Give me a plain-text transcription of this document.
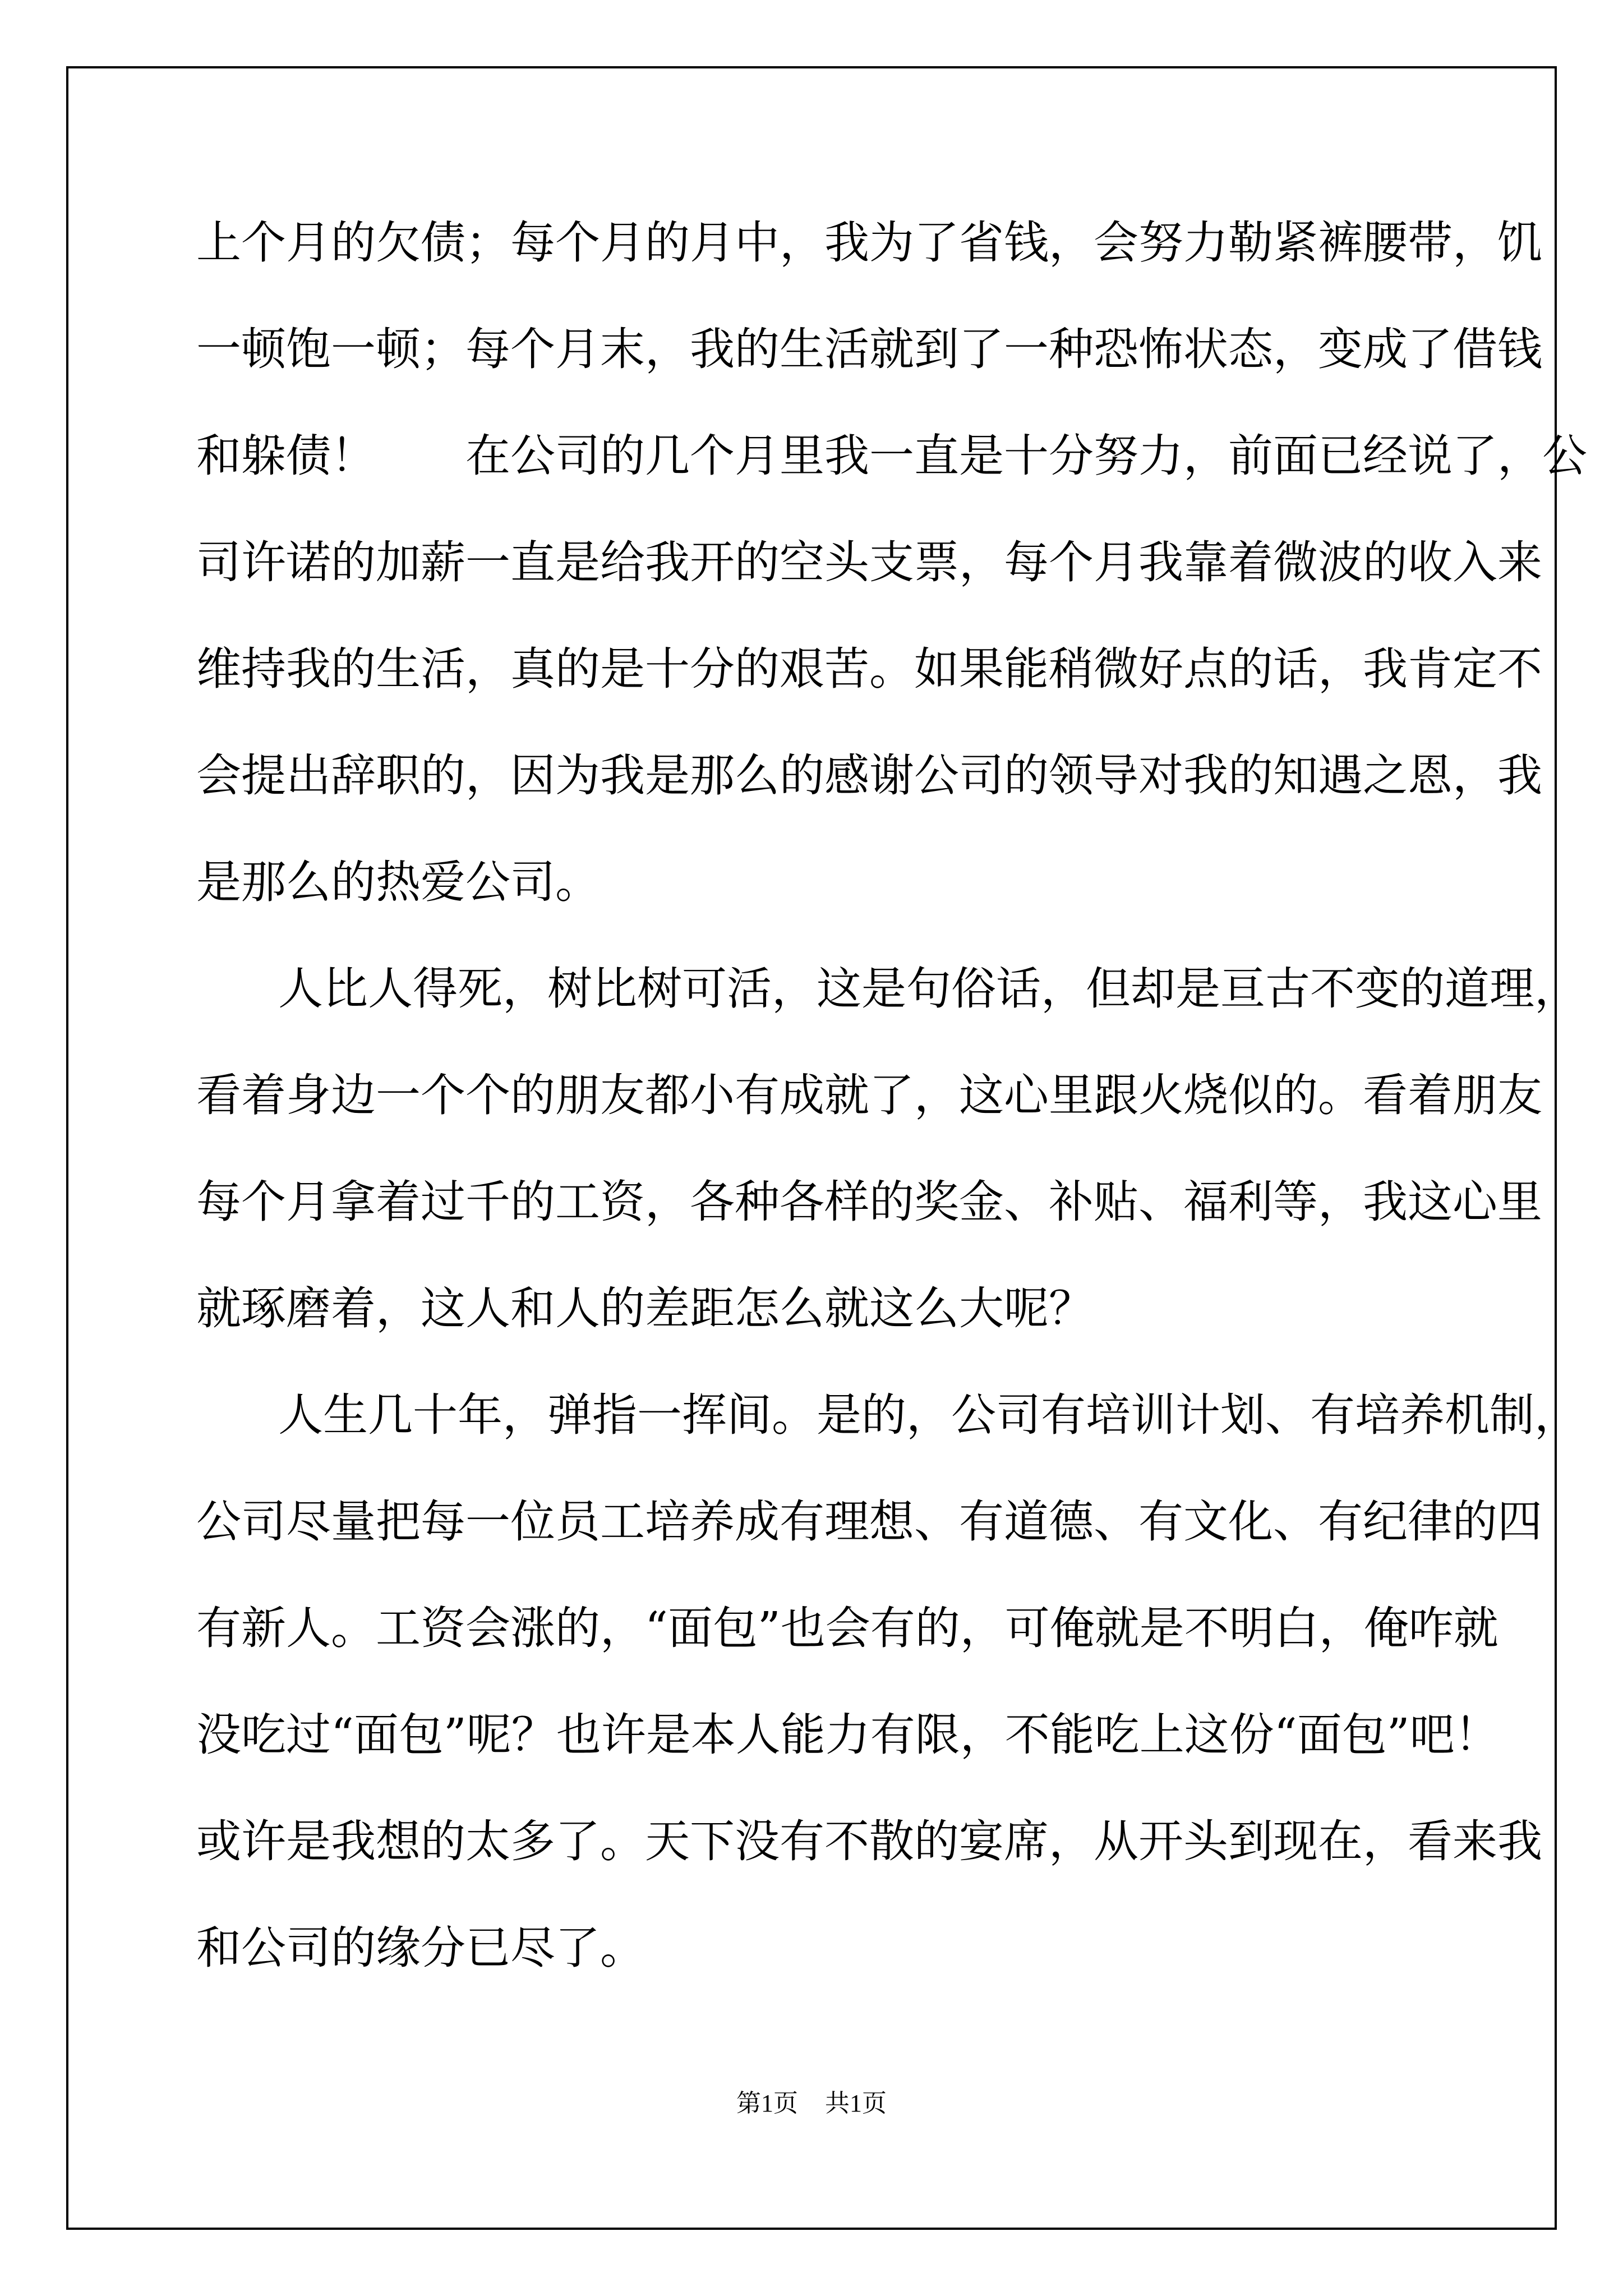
上个月的欠债；每个月的月中，我为了省钱，会努力勒紧裤腰带，饥
一顿饱一顿；每个月末，我的生活就到了一种恐怖状态，变成了借钱
和躲债！　　在公司的几个月里我一直是十分努力，前面已经说了，公
司许诺的加薪一直是给我开的空头支票，每个月我靠着微波的收入来
维持我的生活，真的是十分的艰苦。如果能稍微好点的话，我肯定不
会提出辞职的，因为我是那么的感谢公司的领导对我的知遇之恩，我
是那么的热爱公司。
人比人得死，树比树可活，这是句俗话，但却是亘古不变的道理，
看着身边一个个的朋友都小有成就了，这心里跟火烧似的。看着朋友
每个月拿着过千的工资，各种各样的奖金、补贴、福利等，我这心里
就琢磨着，这人和人的差距怎么就这么大呢？
人生几十年，弹指一挥间。是的，公司有培训计划、有培养机制，
公司尽量把每一位员工培养成有理想、有道德、有文化、有纪律的四
有新人。工资会涨的，“面包”也会有的，可俺就是不明白，俺咋就
没吃过“面包”呢？也许是本人能力有限，不能吃上这份“面包”吧！
或许是我想的太多了。天下没有不散的宴席，从开头到现在，看来我
和公司的缘分已尽了。
第1页 共1页
